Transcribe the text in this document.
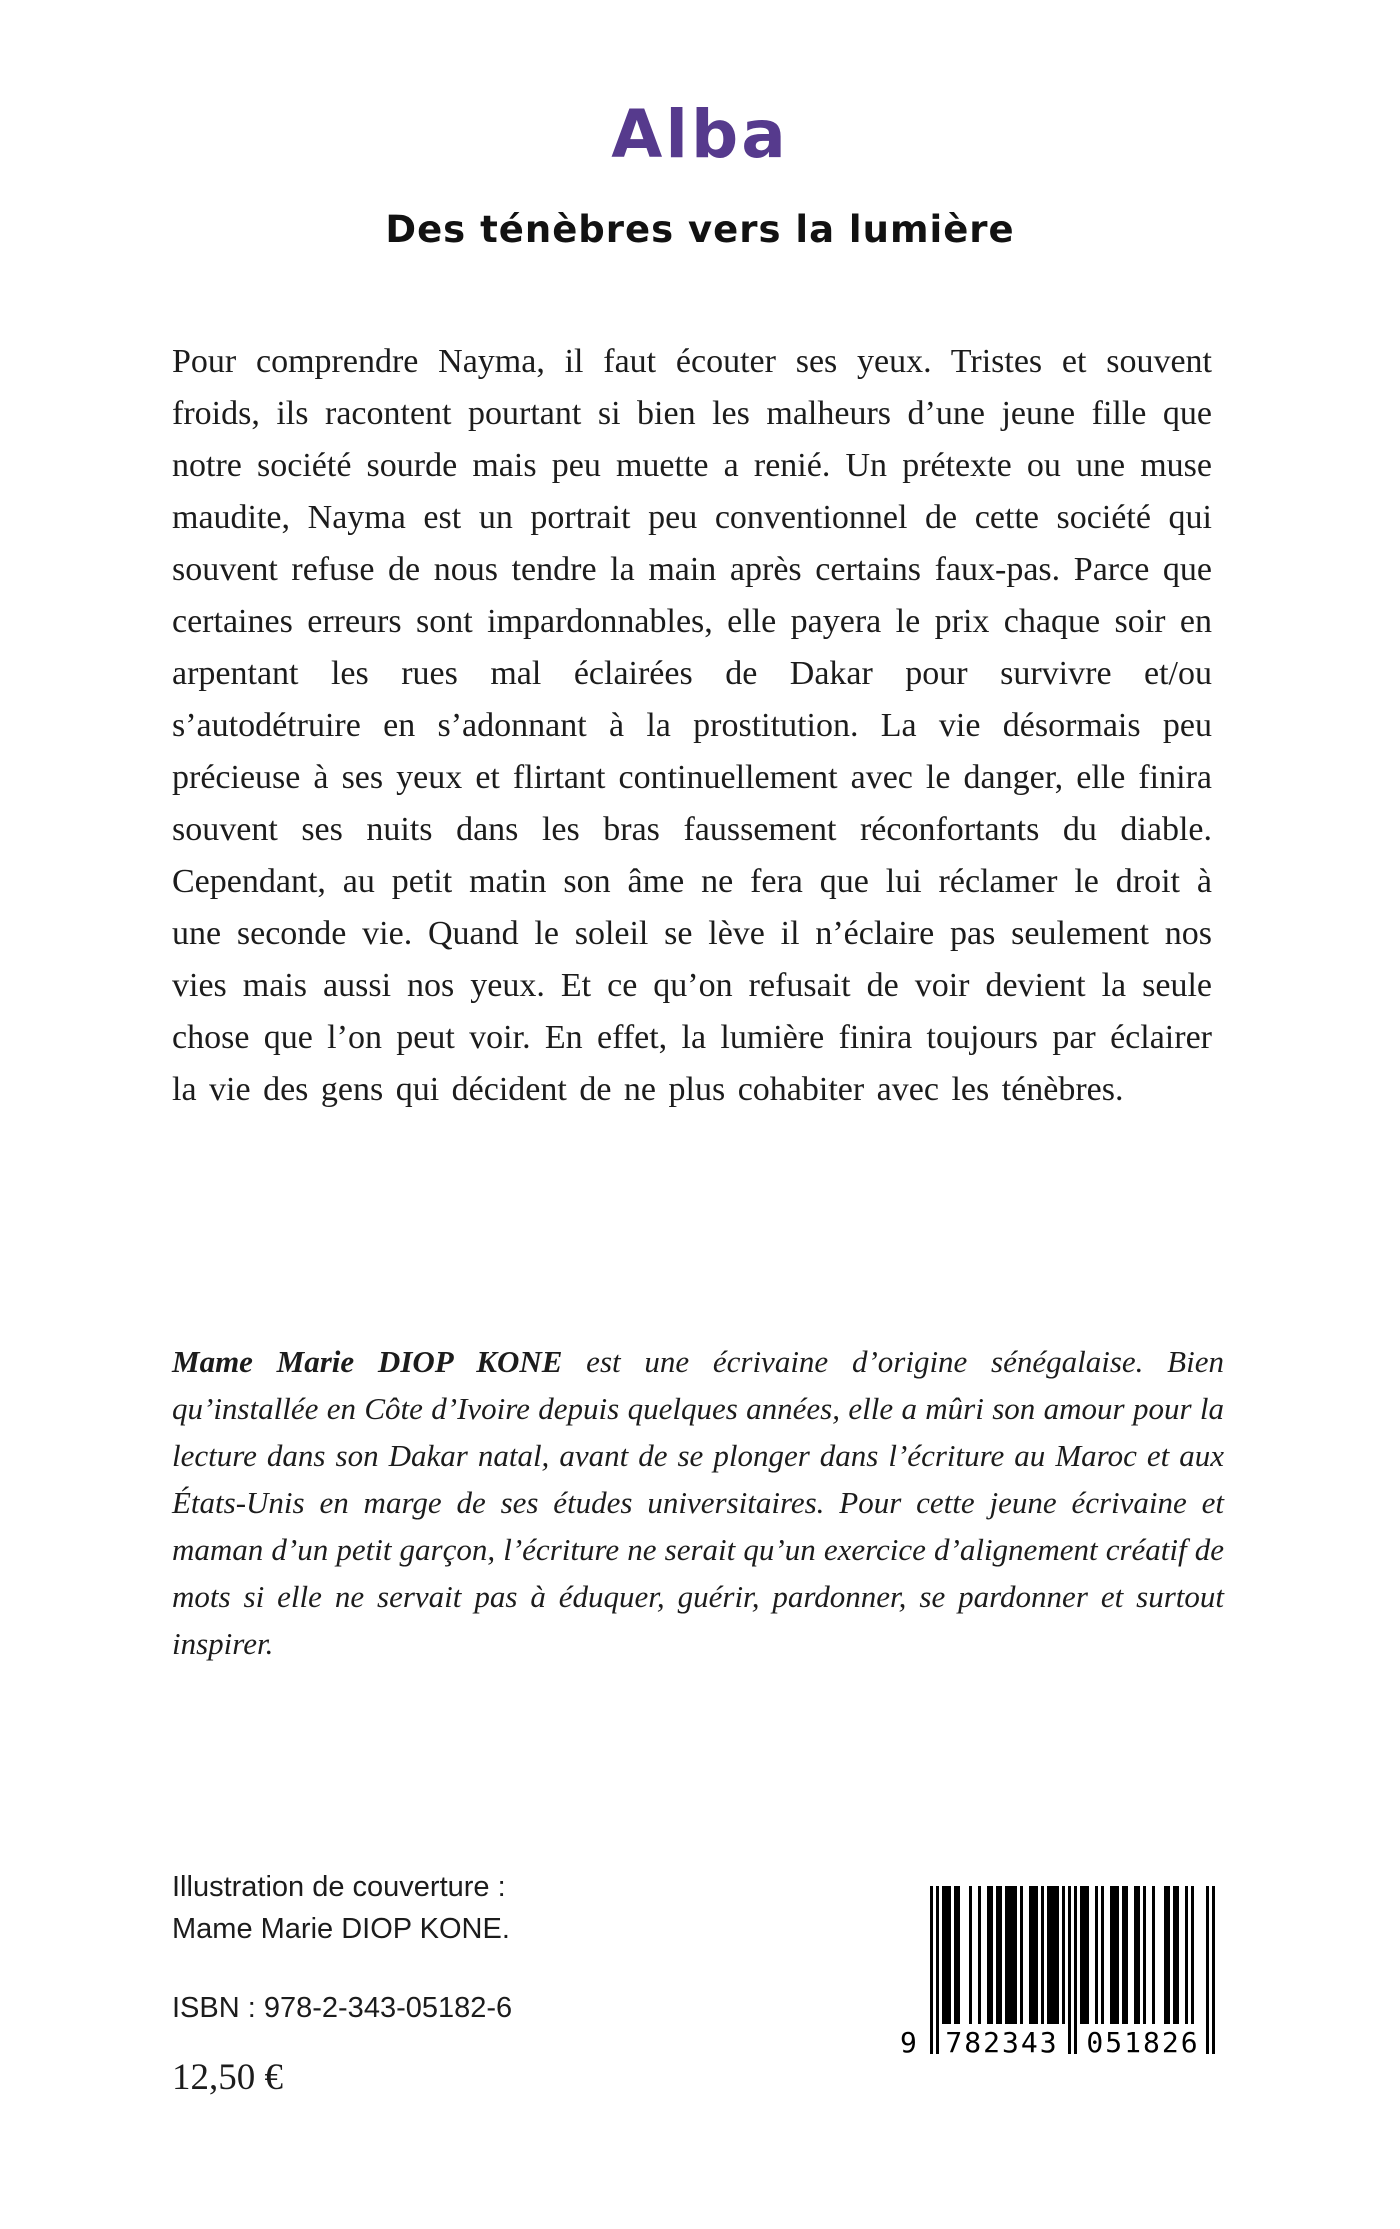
Alba
Des ténèbres vers la lumière

Pour comprendre Nayma, il faut écouter ses yeux. Tristes et souvent froids, ils racontent pourtant si bien les malheurs d’une jeune fille que notre société sourde mais peu muette a renié. Un prétexte ou une muse maudite, Nayma est un portrait peu conventionnel de cette société qui souvent refuse de nous tendre la main après certains faux-pas. Parce que certaines erreurs sont impardonnables, elle payera le prix chaque soir en arpentant les rues mal éclairées de Dakar pour survivre et/ou s’autodétruire en s’adonnant à la prostitution. La vie désormais peu précieuse à ses yeux et flirtant continuellement avec le danger, elle finira souvent ses nuits dans les bras faussement réconfortants du diable. Cependant, au petit matin son âme ne fera que lui réclamer le droit à une seconde vie. Quand le soleil se lève il n’éclaire pas seulement nos vies mais aussi nos yeux. Et ce qu’on refusait de voir devient la seule chose que l’on peut voir. En effet, la lumière finira toujours par éclairer la vie des gens qui décident de ne plus cohabiter avec les ténèbres.

Mame Marie DIOP KONE est une écrivaine d’origine sénégalaise. Bien qu’installée en Côte d’Ivoire depuis quelques années, elle a mûri son amour pour la lecture dans son Dakar natal, avant de se plonger dans l’écriture au Maroc et aux États-Unis en marge de ses études universitaires. Pour cette jeune écrivaine et maman d’un petit garçon, l’écriture ne serait qu’un exercice d’alignement créatif de mots si elle ne servait pas à éduquer, guérir, pardonner, se pardonner et surtout inspirer.

Illustration de couverture :
Mame Marie DIOP KONE.
ISBN : 978-2-343-05182-6
12,50 €
9 782343 051826
